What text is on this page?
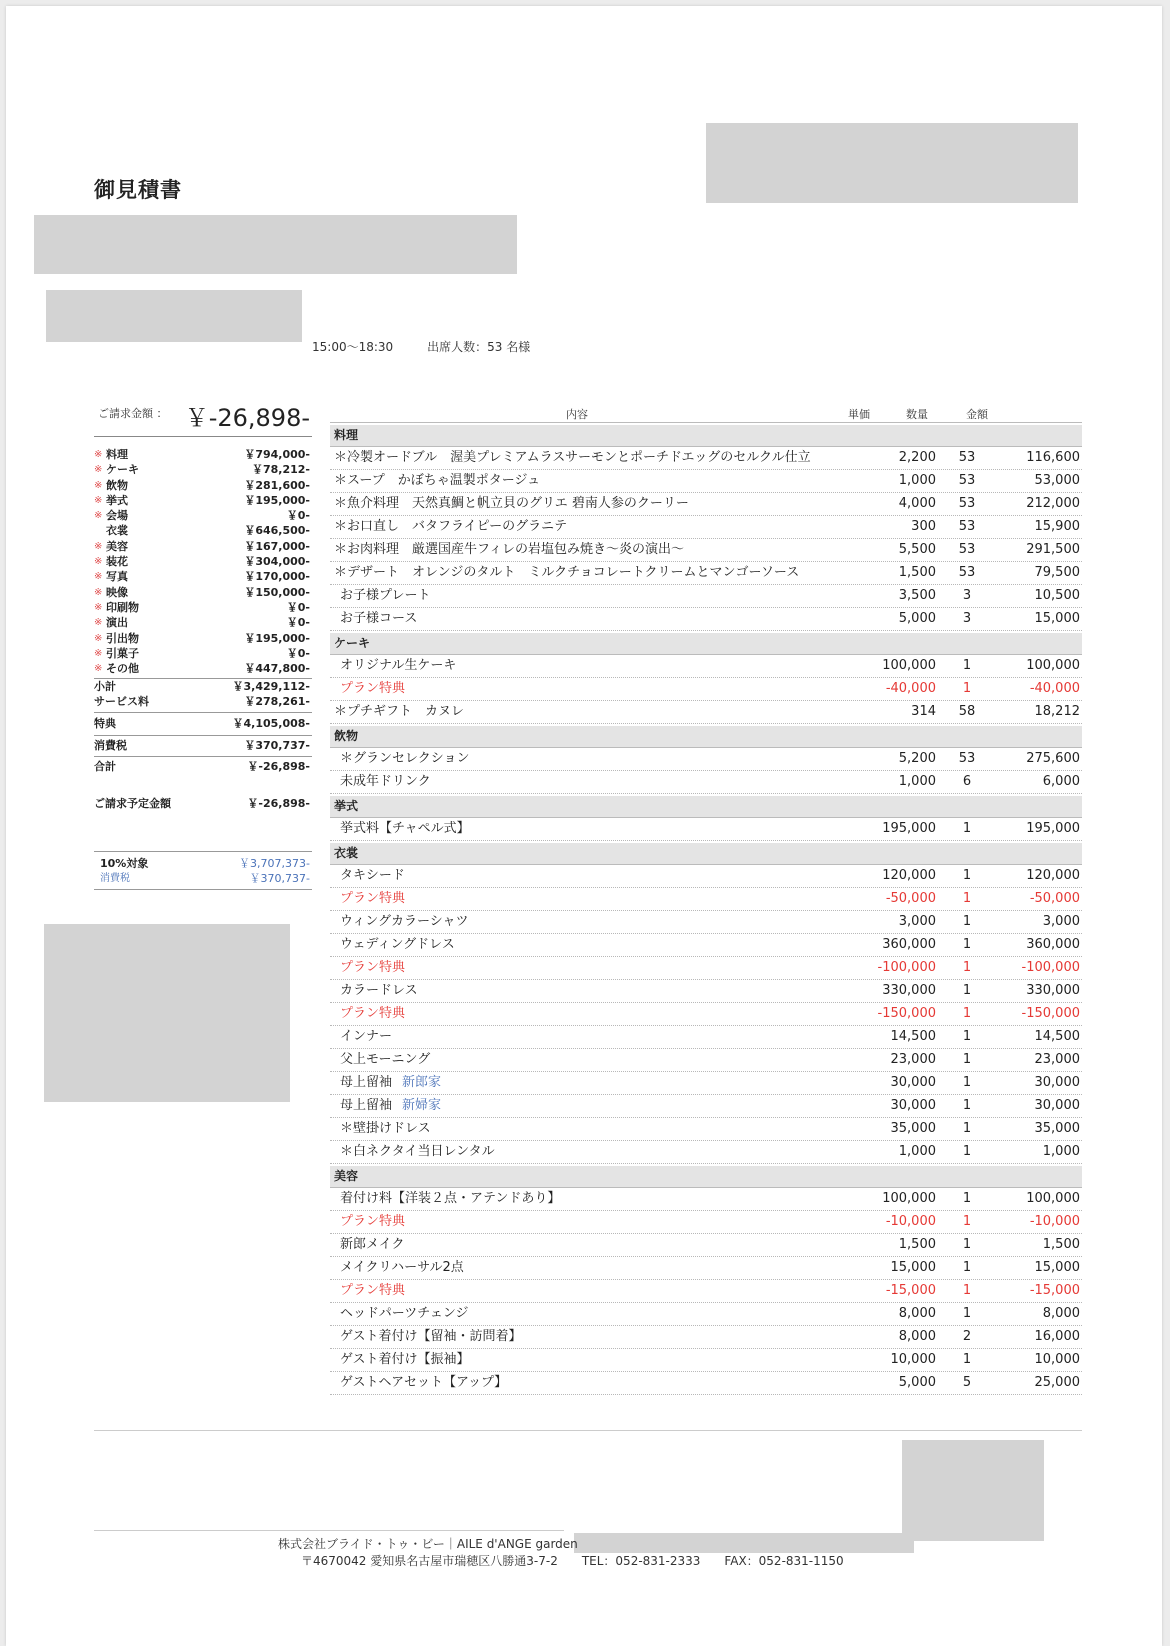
御見積書
15:00〜18:30	出席人数：53 名様
ご請求金額 ： ￥-26,898-
※ 料理	￥794,000-
※ ケーキ	￥78,212-
※ 飲物	￥281,600-
※ 挙式	￥195,000-
※ 会場	￥0-
衣裳	￥646,500-
※ 美容	￥167,000-
※ 装花	￥304,000-
※ 写真	￥170,000-
※ 映像	￥150,000-
※ 印刷物	￥0-
※ 演出	￥0-
※ 引出物	￥195,000-
※ 引菓子	￥0-
※ その他	￥447,800-
小計	￥3,429,112-
サービス料	￥278,261-
特典	￥4,105,008-
消費税	￥370,737-
合計	￥-26,898-
ご請求予定金額	￥-26,898-
10%対象	￥3,707,373-
消費税	￥370,737-
内容	単価	数量	金額
料理
＊冷製オードブル　渥美プレミアムラスサーモンとポーチドエッグのセルクル仕立	2,200	53	116,600
＊スープ　かぼちゃ温製ポタージュ	1,000	53	53,000
＊魚介料理　天然真鯛と帆立貝のグリエ 碧南人参のクーリー	4,000	53	212,000
＊お口直し　バタフライピーのグラニテ	300	53	15,900
＊お肉料理　厳選国産牛フィレの岩塩包み焼き〜炎の演出〜	5,500	53	291,500
＊デザート　オレンジのタルト　ミルクチョコレートクリームとマンゴーソース	1,500	53	79,500
お子様プレート	3,500	3	10,500
お子様コース	5,000	3	15,000
ケーキ
オリジナル生ケーキ	100,000	1	100,000
プラン特典	-40,000	1	-40,000
＊プチギフト　カヌレ	314	58	18,212
飲物
＊グランセレクション	5,200	53	275,600
未成年ドリンク	1,000	6	6,000
挙式
挙式料【チャペル式】	195,000	1	195,000
衣裳
タキシード	120,000	1	120,000
プラン特典	-50,000	1	-50,000
ウィングカラーシャツ	3,000	1	3,000
ウェディングドレス	360,000	1	360,000
プラン特典	-100,000	1	-100,000
カラードレス	330,000	1	330,000
プラン特典	-150,000	1	-150,000
インナー	14,500	1	14,500
父上モーニング	23,000	1	23,000
母上留袖 新郎家	30,000	1	30,000
母上留袖 新婦家	30,000	1	30,000
＊壁掛けドレス	35,000	1	35,000
＊白ネクタイ当日レンタル	1,000	1	1,000
美容
着付け料【洋装２点・アテンドあり】	100,000	1	100,000
プラン特典	-10,000	1	-10,000
新郎メイク	1,500	1	1,500
メイクリハーサル2点	15,000	1	15,000
プラン特典	-15,000	1	-15,000
ヘッドパーツチェンジ	8,000	1	8,000
ゲスト着付け【留袖・訪問着】	8,000	2	16,000
ゲスト着付け【振袖】	10,000	1	10,000
ゲストヘアセット【アップ】	5,000	5	25,000
株式会社ブライド・トゥ・ビー｜AILE d'ANGE garden
〒4670042 愛知県名古屋市瑞穂区八勝通3-7-2　　TEL：052-831-2333　　FAX：052-831-1150
